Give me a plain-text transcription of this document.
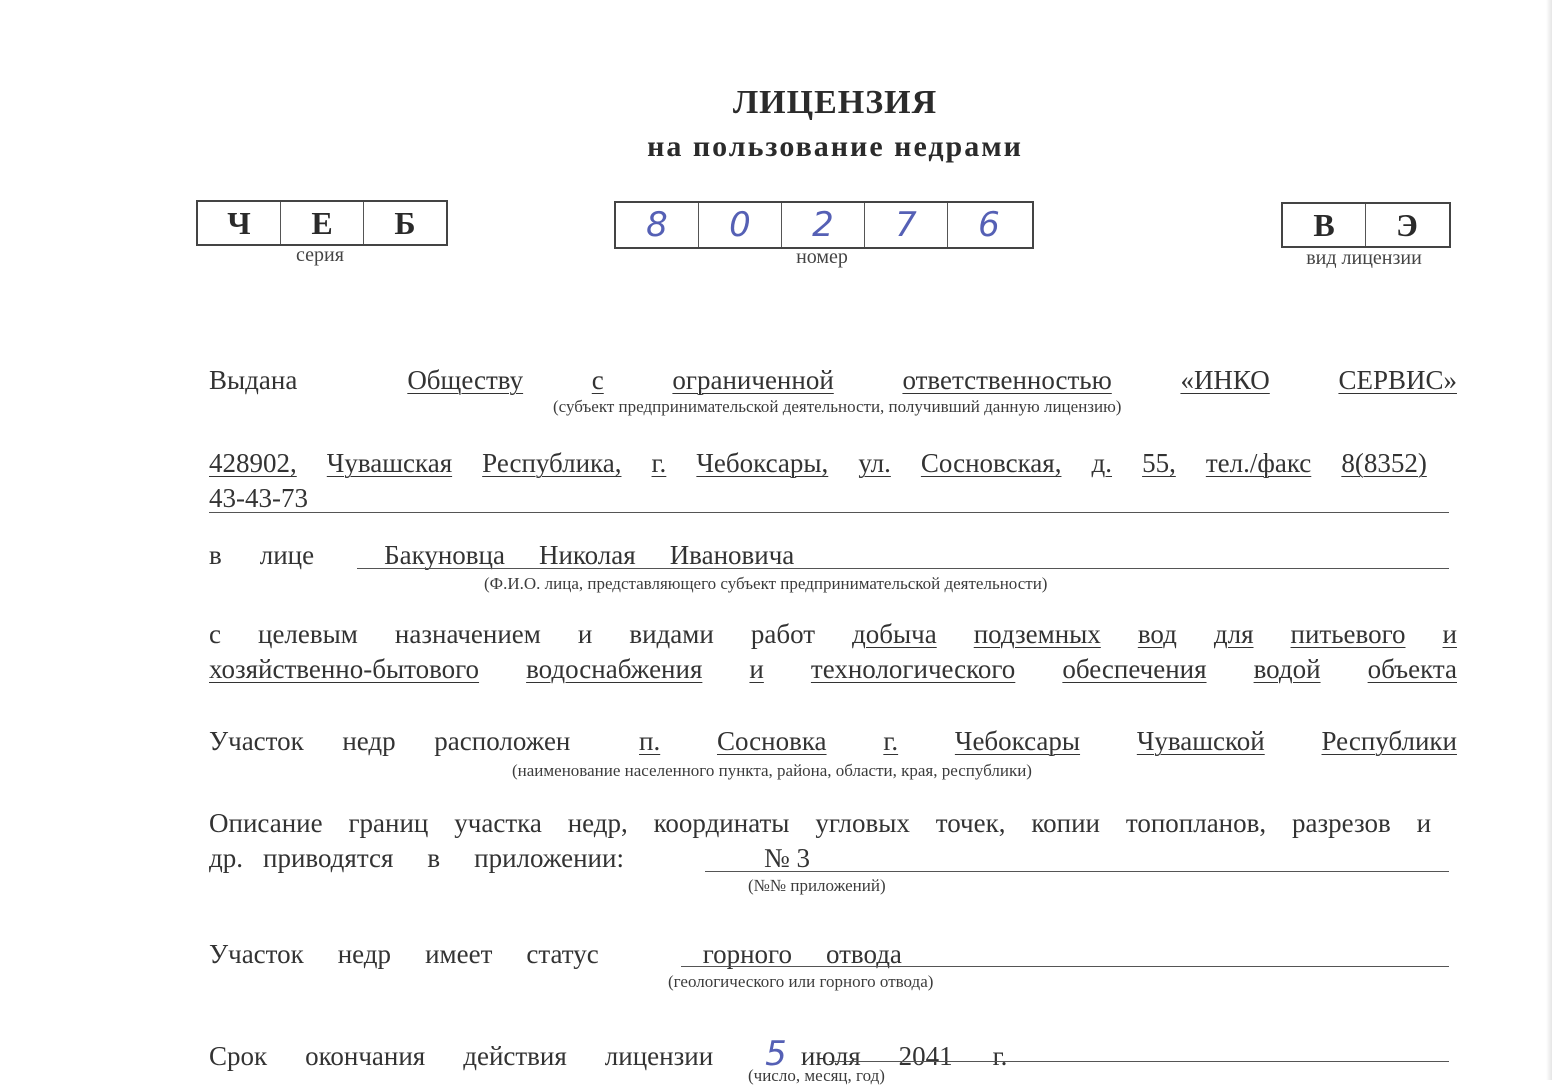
ЛИЦЕНЗИЯ
на пользование недрами
Ч	Е	Б
серия
8	0	2	7	6
номер
В	Э
вид лицензии
Выдана	Обществу	с	ограниченной	ответственностью	«ИНКО	СЕРВИС»
(субъект предпринимательской деятельности, получивший данную лицензию)
428902, Чувашская Республика, г. Чебоксары, ул. Сосновская, д. 55, тел./факс 8(8352)
43-43-73
в лице	Бакуновца Николая Ивановича
(Ф.И.О. лица, представляющего субъект предпринимательской деятельности)
с целевым назначением и видами работ добыча подземных вод для питьевого и
хозяйственно-бытового водоснабжения и технологического обеспечения водой объекта
Участок недр расположен	п. Сосновка г. Чебоксары Чувашской Республики
(наименование населенного пункта, района, области, края, республики)
Описание границ участка недр, координаты угловых точек, копии топопланов, разрезов и
др. приводятся в приложении:	№ 3
(№№ приложений)
Участок недр имеет статус	горного отвода
(геологического или горного отвода)
Срок окончания действия лицензии 5 июля 2041 г.
(число, месяц, год)
